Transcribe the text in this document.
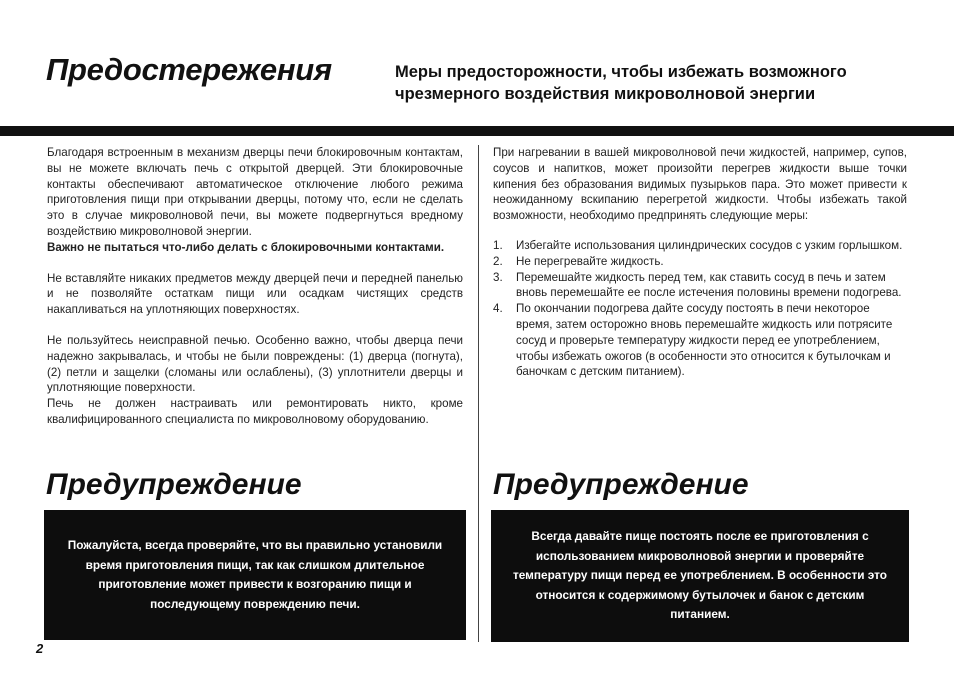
Предостережения	Меры предосторожности, чтобы избежать возможного чрезмерного воздействия микроволновой энергии

Благодаря встроенным в механизм дверцы печи блокировочным контактам, вы не можете включать печь с открытой дверцей. Эти блокировочные контакты обеспечивают автоматическое отключение любого режима приготовления пищи при открывании дверцы, потому что, если не сделать это в случае микроволновой печи, вы можете подвергнуться вредному воздействию микроволновой энергии.

Важно не пытаться что-либо делать с блокировочными контактами.

Не вставляйте никаких предметов между дверцей печи и передней панелью и не позволяйте остаткам пищи или осадкам чистящих средств накапливаться на уплотняющих поверхностях.

Не пользуйтесь неисправной печью. Особенно важно, чтобы дверца печи надежно закрывалась, и чтобы не были повреждены: (1) дверца (погнута), (2) петли и защелки (сломаны или ослаблены), (3) уплотнители дверцы и уплотняющие поверхности.

Печь не должен настраивать или ремонтировать никто, кроме квалифицированного специалиста по микроволновому оборудованию.

При нагревании в вашей микроволновой печи жидкостей, например, супов, соусов и напитков, может произойти перегрев жидкости выше точки кипения без образования видимых пузырьков пара. Это может привести к неожиданному вскипанию перегретой жидкости. Чтобы избежать такой возможности, необходимо предпринять следующие меры:

1.	Избегайте использования цилиндрических сосудов с узким горлышком.
2.	Не перегревайте жидкость.
3.	Перемешайте жидкость перед тем, как ставить сосуд в печь и затем вновь перемешайте ее после истечения половины времени подогрева.
4.	По окончании подогрева дайте сосуду постоять в печи некоторое время, затем осторожно вновь перемешайте жидкость или потрясите сосуд и проверьте температуру жидкости перед ее употреблением, чтобы избежать ожогов (в особенности это относится к бутылочкам и баночкам с детским питанием).
Предупреждение
Пожалуйста, всегда проверяйте, что вы правильно установили время приготовления пищи, так как слишком длительное приготовление может привести к возгоранию пищи и последующему повреждению печи.
Предупреждение
Всегда давайте пище постоять после ее приготовления с использованием микроволновой энергии и проверяйте температуру пищи перед ее употреблением. В особенности это относится к содержимому бутылочек и банок с детским питанием.
2
